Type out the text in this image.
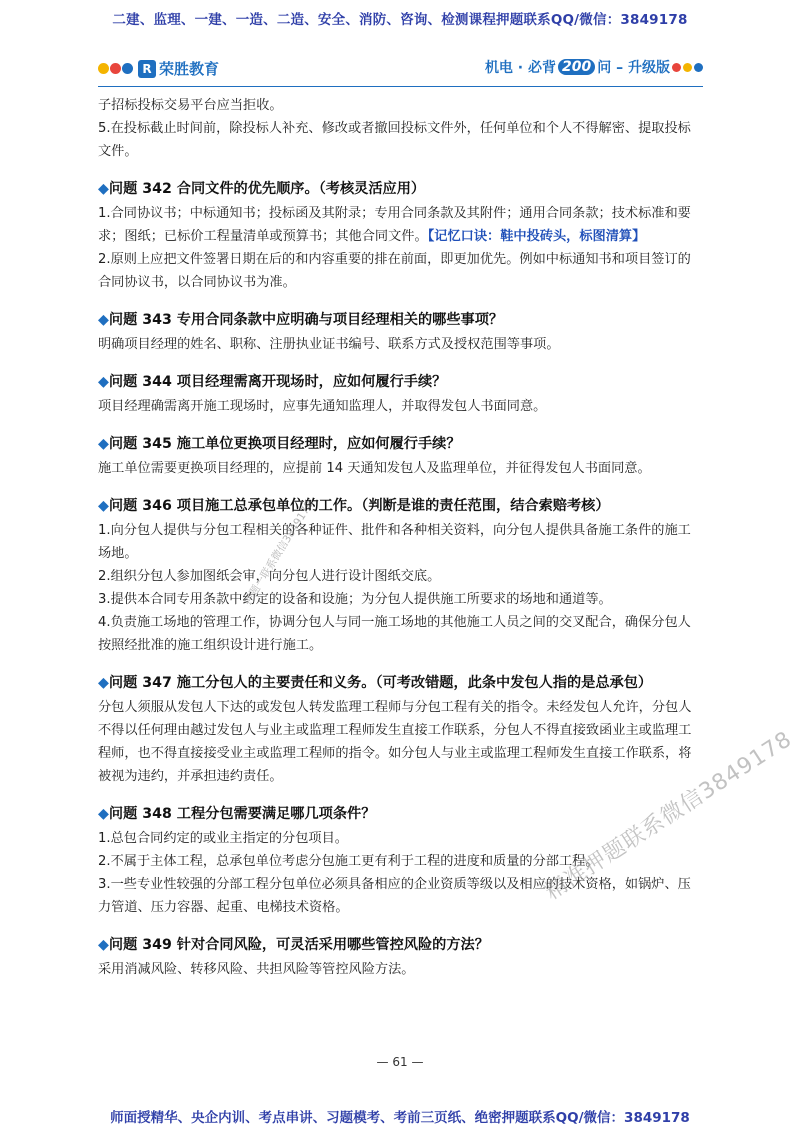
二建、监理、一建、一造、二造、安全、消防、咨询、检测课程押题联系QQ/微信：3849178
R 荣胜教育	机电 · 必背 200 问 – 升级版

子招标投标交易平台应当拒收。

5.在投标截止时间前，除投标人补充、修改或者撤回投标文件外，任何单位和个人不得解密、提取投标文件。

◆问题 342 合同文件的优先顺序。（考核灵活应用）

1.合同协议书；中标通知书；投标函及其附录；专用合同条款及其附件；通用合同条款；技术标准和要求；图纸；已标价工程量清单或预算书；其他合同文件。【记忆口诀：鞋中投砖头，标图清算】

2.原则上应把文件签署日期在后的和内容重要的排在前面，即更加优先。例如中标通知书和项目签订的合同协议书，以合同协议书为准。

◆问题 343 专用合同条款中应明确与项目经理相关的哪些事项？

明确项目经理的姓名、职称、注册执业证书编号、联系方式及授权范围等事项。

◆问题 344 项目经理需离开现场时，应如何履行手续？

项目经理确需离开施工现场时，应事先通知监理人，并取得发包人书面同意。

◆问题 345 施工单位更换项目经理时，应如何履行手续？

施工单位需要更换项目经理的，应提前 14 天通知发包人及监理单位，并征得发包人书面同意。

◆问题 346 项目施工总承包单位的工作。（判断是谁的责任范围，结合索赔考核）

1.向分包人提供与分包工程相关的各种证件、批件和各种相关资料，向分包人提供具备施工条件的施工场地。

2.组织分包人参加图纸会审，向分包人进行设计图纸交底。

3.提供本合同专用条款中约定的设备和设施；为分包人提供施工所要求的场地和通道等。

4.负责施工场地的管理工作，协调分包人与同一施工场地的其他施工人员之间的交叉配合，确保分包人按照经批准的施工组织设计进行施工。

◆问题 347 施工分包人的主要责任和义务。（可考改错题，此条中发包人指的是总承包）

分包人须服从发包人下达的或发包人转发监理工程师与分包工程有关的指令。未经发包人允许，分包人不得以任何理由越过发包人与业主或监理工程师发生直接工作联系，分包人不得直接致函业主或监理工程师，也不得直接接受业主或监理工程师的指令。如分包人与业主或监理工程师发生直接工作联系，将被视为违约，并承担违约责任。

◆问题 348 工程分包需要满足哪几项条件？

1.总包合同约定的或业主指定的分包项目。

2.不属于主体工程，总承包单位考虑分包施工更有利于工程的进度和质量的分部工程。

3.一些专业性较强的分部工程分包单位必须具备相应的企业资质等级以及相应的技术资格，如锅炉、压力管道、压力容器、起重、电梯技术资格。

◆问题 349 针对合同风险，可灵活采用哪些管控风险的方法？

采用消减风险、转移风险、共担风险等管控风险方法。

押题一联系微信3849178
精准押题联系微信3849178
— 61 —
师面授精华、央企内训、考点串讲、习题模考、考前三页纸、绝密押题联系QQ/微信：3849178
